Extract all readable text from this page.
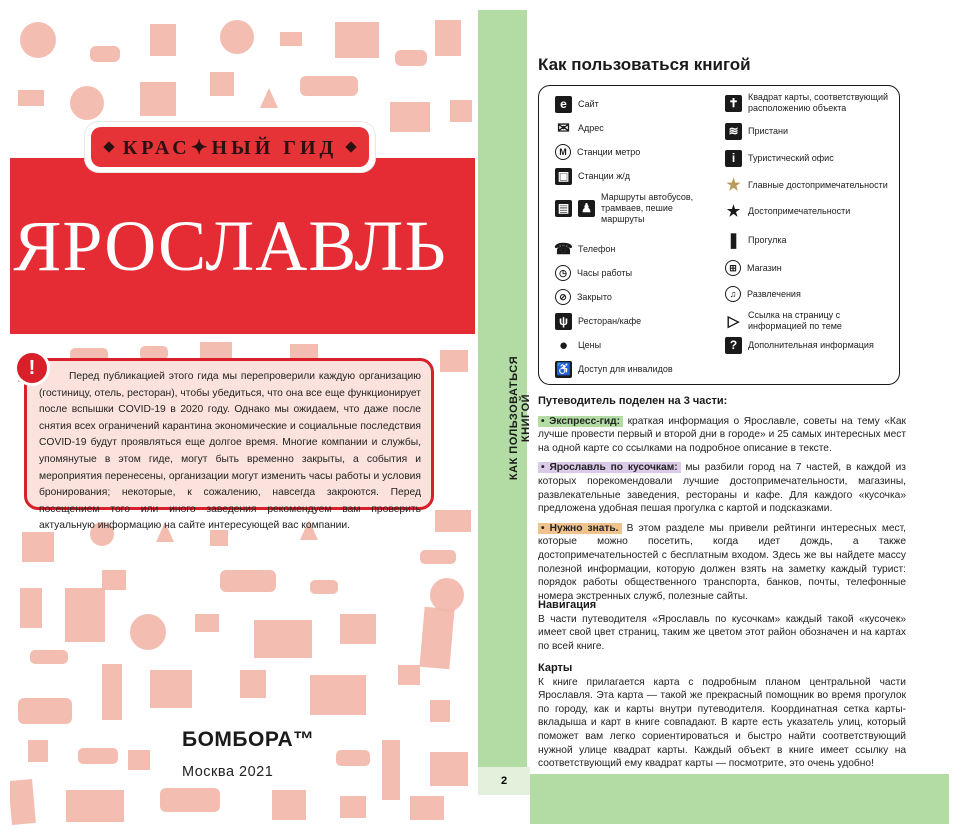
КРАС✦НЫЙ ГИД
ЯРОСЛАВЛЬ
Перед публикацией этого гида мы перепроверили каждую организацию (гостиницу, отель, ресторан), чтобы убедиться, что она все еще функционирует после вспышки COVID-19 в 2020 году. Однако мы ожидаем, что даже после снятия всех ограничений карантина экономические и социальные последствия COVID-19 будут проявляться еще долгое время. Многие компании и службы, упомянутые в этом гиде, могут быть временно закрыты, а события и мероприятия перенесены, организации могут изменить часы работы и условия бронирования; некоторые, к сожалению, навсегда закроются. Перед посещением того или иного заведения рекомендуем вам проверить актуальную информацию на сайте интересующей вас компании.
!
БОМБОРА™
Москва 2021
КАК ПОЛЬЗОВАТЬСЯ КНИГОЙ
2
Как пользоваться книгой
e	Сайт
✉ Адрес
M	Станции метро
▣ Станции ж/д
▤ ♟
Маршруты автобусов, трамваев, пешие маршруты
☎ Телефон
◷	Часы работы
⊘	Закрыто
ψ	Ресторан/кафе
●	Цены
♿ Доступ для инвалидов
✝	Квадрат карты, соответствующий расположению объекта
≋	Пристани
i	Туристический офис
★ Главные достопримечательности
★ Достопримечательности
❚ Прогулка
⊞	Магазин
♫	Развлечения
▷ Ссылка на страницу с информацией по теме
?	Дополнительная информация
Путеводитель поделен на 3 части:
• Экспресс-гид: краткая информация о Ярославле, советы на тему «Как лучше провести первый и второй дни в городе» и 25 самых интересных мест на одной карте со ссылками на подробное описание в тексте.
• Ярославль по кусочкам: мы разбили город на 7 частей, в каждой из которых порекомендовали лучшие достопримечательности, магазины, развлекательные заведения, рестораны и кафе. Для каждого «кусочка» предложена удобная пешая прогулка с картой и подсказками.
• Нужно знать. В этом разделе мы привели рейтинги интересных мест, которые можно посетить, когда идет дождь, а также достопримечательностей с бесплатным входом. Здесь же вы найдете массу полезной информации, которую должен взять на заметку каждый турист: порядок работы общественного транспорта, банков, почты, телефонные номера экстренных служб, полезные сайты.
Навигация
В части путеводителя «Ярославль по кусочкам» каждый такой «кусочек» имеет свой цвет страниц, таким же цветом этот район обозначен и на картах по всей книге.
Карты
К книге прилагается карта с подробным планом центральной части Ярославля. Эта карта — такой же прекрасный помощник во время прогулок по городу, как и карты внутри путеводителя. Координатная сетка карты-вкладыша и карт в книге совпадают. В карте есть указатель улиц, который поможет вам легко сориентироваться и быстро найти соответствующий нужной улице квадрат карты. Каждый объект в книге имеет ссылку на соответствующий ему квадрат карты — посмотрите, это очень удобно!
